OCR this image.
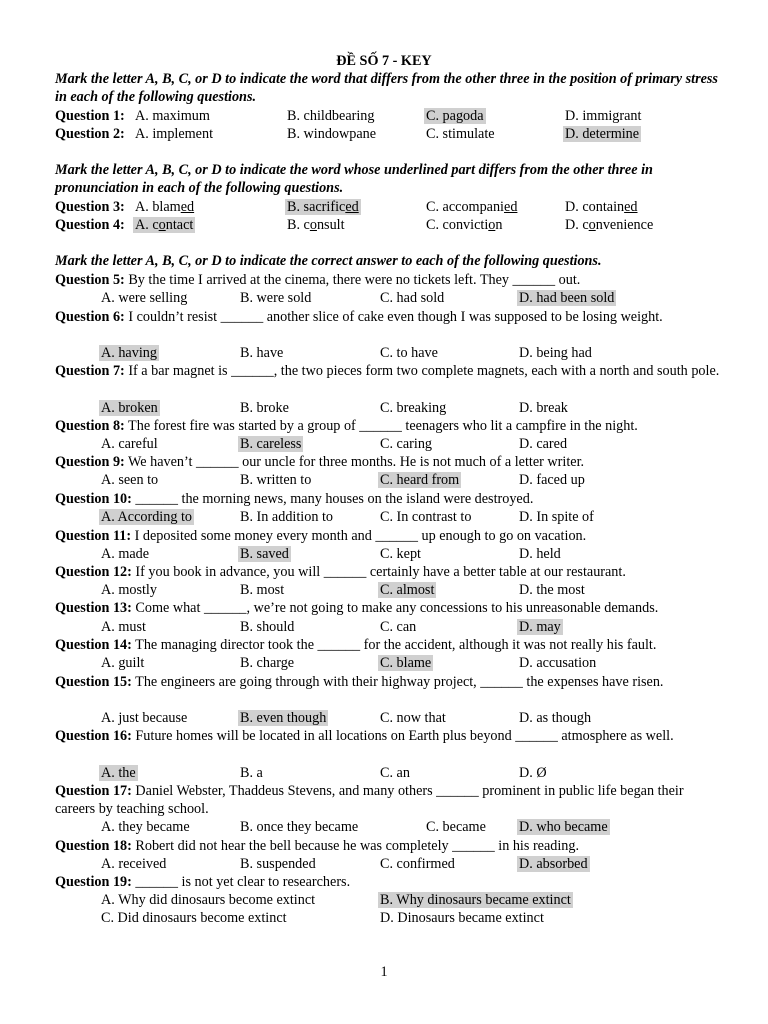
ĐỀ SỐ 7 - KEY
Mark the letter A, B, C, or D to indicate the word that differs from the other three in the position of primary stress in each of the following questions.
Mark the letter A, B, C, or D to indicate the word whose underlined part differs from the other three in pronunciation in each of the following questions.
Mark the letter A, B, C, or D to indicate the correct answer to each of the following questions.
Question 1: A. maximum	B. childbearing	C. pagoda	D. immigrant
Question 2: A. implement	B. windowpane	C. stimulate	D. determine
Question 3: A. blamed	B. sacrificed	C. accompanied	D. contained
Question 4: A. contact	B. consult	C. conviction	D. convenience
Question 5: By the time I arrived at the cinema, there were no tickets left. They ______ out.
A. were selling	B. were sold	C. had sold	D. had been sold
Question 6: I couldn’t resist ______ another slice of cake even though I was supposed to be losing weight.
A. having	B. have	C. to have	D. being had
Question 7: If a bar magnet is ______, the two pieces form two complete magnets, each with a north and south pole.
A. broken	B. broke	C. breaking	D. break
Question 8: The forest fire was started by a group of ______ teenagers who lit a campfire in the night.
A. careful	B. careless	C. caring	D. cared
Question 9: We haven’t ______ our uncle for three months. He is not much of a letter writer.
A. seen to	B. written to	C. heard from	D. faced up
Question 10: ______ the morning news, many houses on the island were destroyed.
A. According to	B. In addition to	C. In contrast to	D. In spite of
Question 11: I deposited some money every month and ______ up enough to go on vacation.
A. made	B. saved	C. kept	D. held
Question 12: If you book in advance, you will ______ certainly have a better table at our restaurant.
A. mostly	B. most	C. almost	D. the most
Question 13: Come what ______, we’re not going to make any concessions to his unreasonable demands.
A. must	B. should	C. can	D. may
Question 14: The managing director took the ______ for the accident, although it was not really his fault.
A. guilt	B. charge	C. blame	D. accusation
Question 15: The engineers are going through with their highway project, ______ the expenses have risen.
A. just because	B. even though	C. now that	D. as though
Question 16: Future homes will be located in all locations on Earth plus beyond ______ atmosphere as well.
A. the	B. a	C. an	D. Ø
Question 17: Daniel Webster, Thaddeus Stevens, and many others ______ prominent in public life began their careers by teaching school.
A. they became	B. once they became	C. became D. who became
Question 18: Robert did not hear the bell because he was completely ______ in his reading.
A. received	B. suspended	C. confirmed	D. absorbed
Question 19: ______ is not yet clear to researchers.
A. Why did dinosaurs become extinct	B. Why dinosaurs became extinct
C. Did dinosaurs become extinct	D. Dinosaurs became extinct
1
